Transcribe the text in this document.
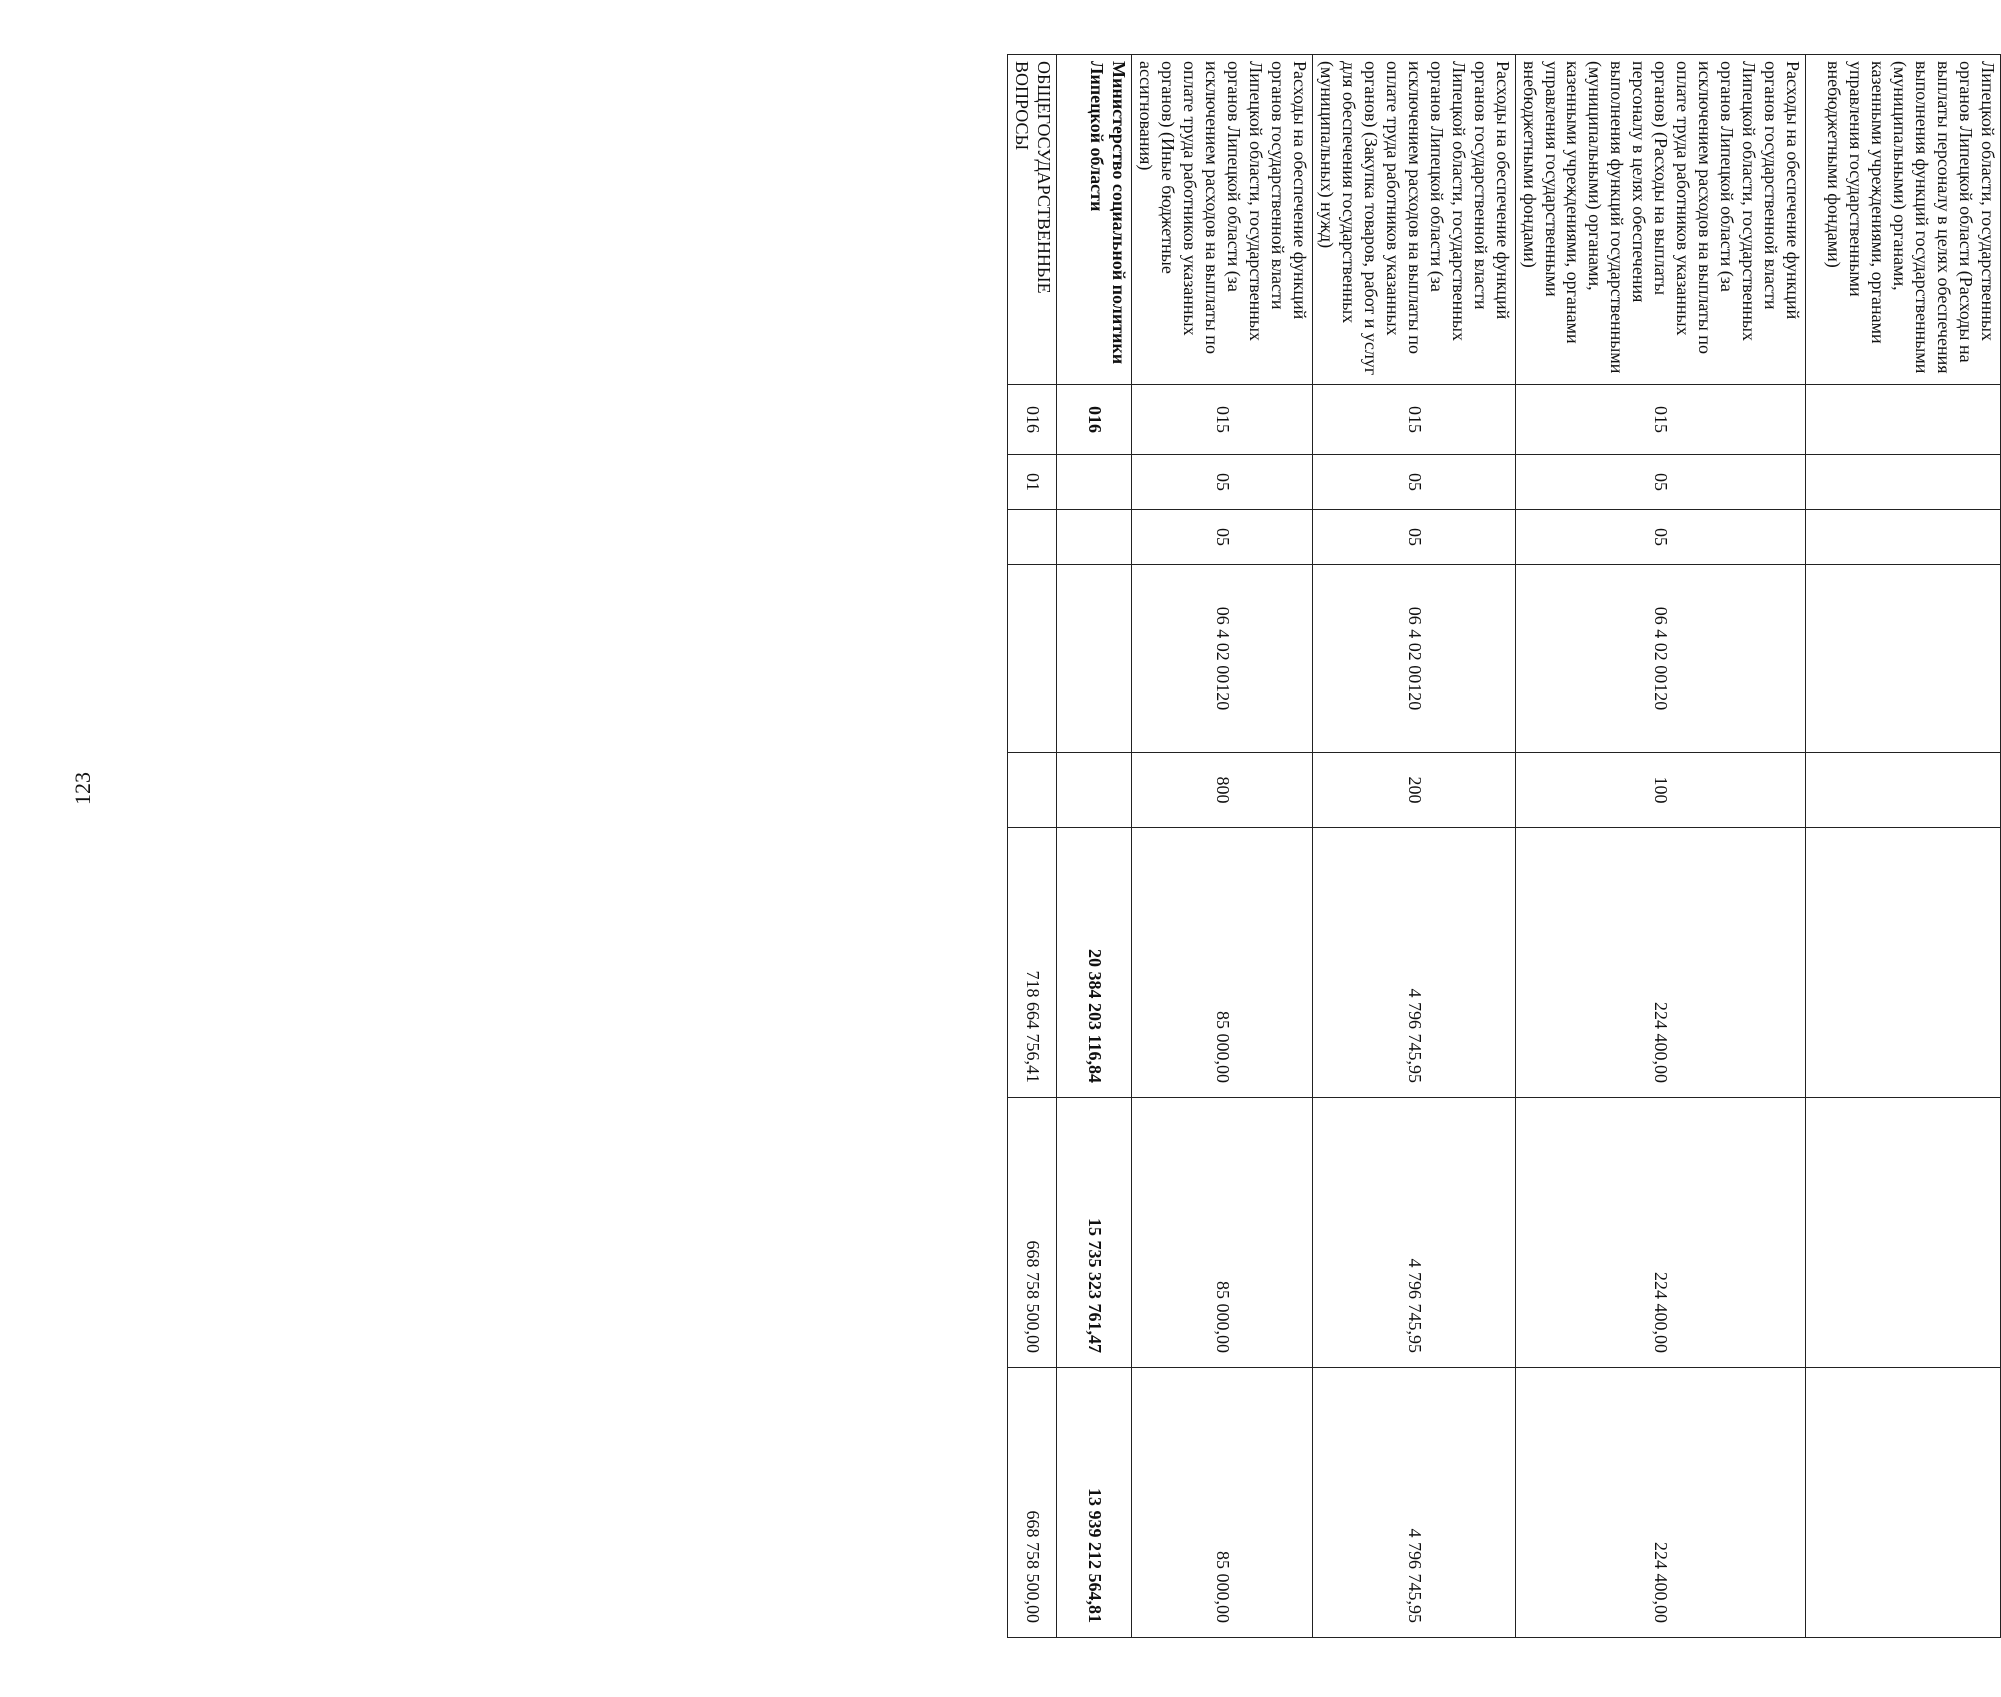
123
Липецкой области, государственных органов Липецкой области (Расходы на выплаты персоналу в целях обеспечения выполнения функций государственными (муниципальными) органами, казенными учреждениями, органами управления государственными внебюджетными фондами)								
Расходы на обеспечение функций органов государственной власти Липецкой области, государственных органов Липецкой области (за исключением расходов на выплаты по оплате труда работников указанных органов) (Расходы на выплаты персоналу в целях обеспечения выполнения функций государственными (муниципальными) органами, казенными учреждениями, органами управления государственными внебюджетными фондами)	015	05	05	06 4 02 00120	100	224 400,00	224 400,00	224 400,00
Расходы на обеспечение функций органов государственной власти Липецкой области, государственных органов Липецкой области (за исключением расходов на выплаты по оплате труда работников указанных органов) (Закупка товаров, работ и услуг для обеспечения государственных (муниципальных) нужд)	015	05	05	06 4 02 00120	200	4 796 745,95	4 796 745,95	4 796 745,95
Расходы на обеспечение функций органов государственной власти Липецкой области, государственных органов Липецкой области (за исключением расходов на выплаты по оплате труда работников указанных органов) (Иные бюджетные ассигнования)	015	05	05	06 4 02 00120	800	85 000,00	85 000,00	85 000,00
Министерство социальной политики Липецкой области	016					20 384 203 116,84	15 735 323 761,47	13 939 212 564,81
ОБЩЕГОСУДАРСТВЕННЫЕ ВОПРОСЫ	016	01				718 664 756,41	668 758 500,00	668 758 500,00
